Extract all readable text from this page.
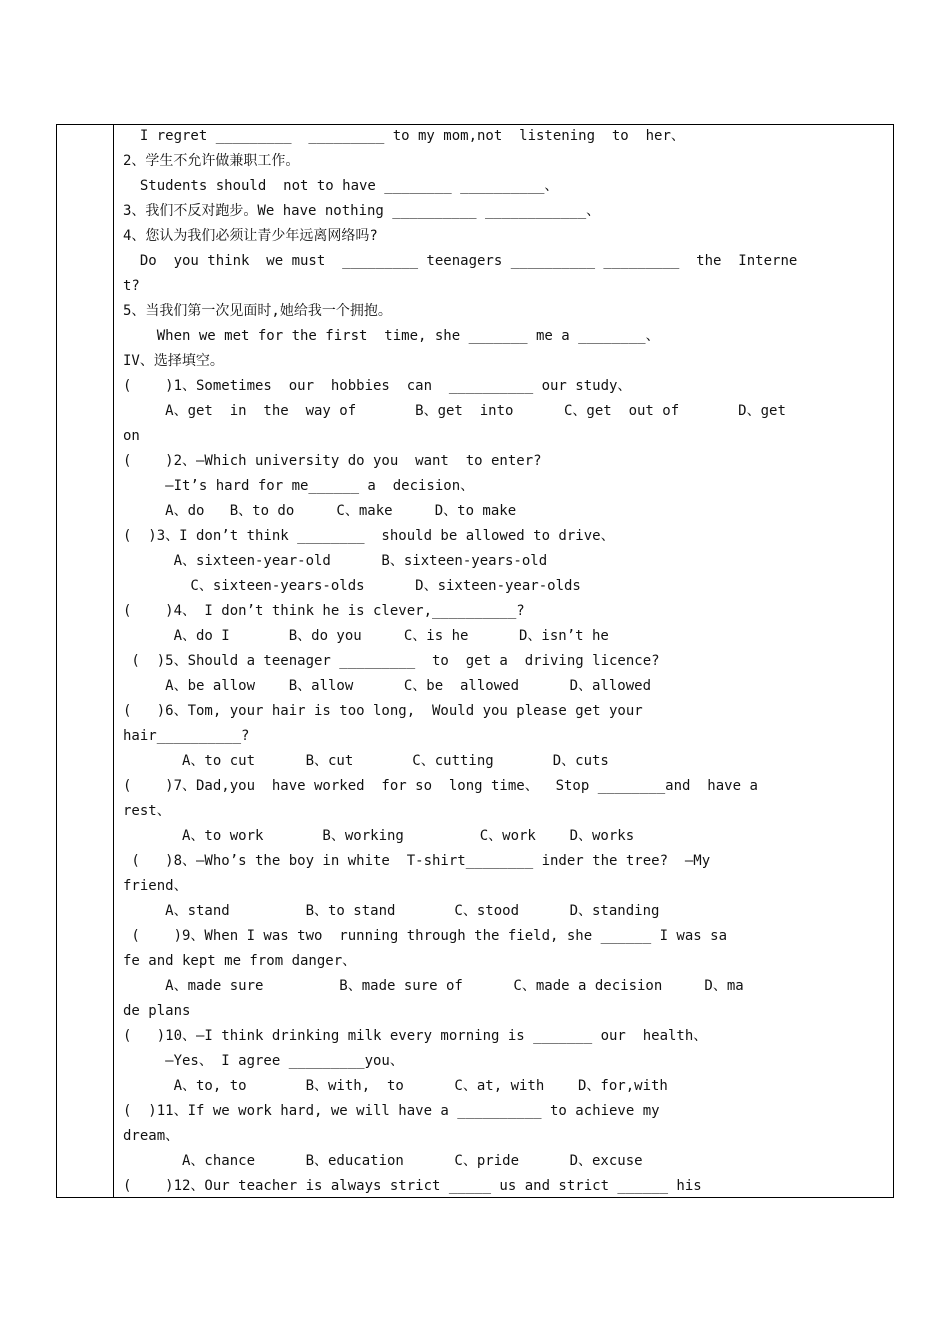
I regret _________  _________ to my mom,not  listening  to  her、
2、学生不允许做兼职工作。
Students should  not to have ________ __________、
3、我们不反对跑步。We have nothing __________ ____________、
4、您认为我们必须让青少年远离网络吗?
Do  you think  we must  _________ teenagers __________ _________  the  Interne
t?
5、当我们第一次见面时,她给我一个拥抱。
When we met for the first  time, she _______ me a ________、
IV、选择填空。
(    )1、Sometimes  our  hobbies  can  __________ our study、
A、get  in  the  way of       B、get  into      C、get  out of       D、get
on
(    )2、—Which university do you  want  to enter?
—It’s hard for me______ a  decision、
A、do   B、to do     C、make     D、to make
(  )3、I don’t think ________  should be allowed to drive、
A、sixteen-year-old      B、sixteen-years-old
C、sixteen-years-olds      D、sixteen-year-olds
(    )4、 I don’t think he is clever,__________?
A、do I       B、do you     C、is he      D、isn’t he
(  )5、Should a teenager _________  to  get a  driving licence?
A、be allow    B、allow      C、be  allowed      D、allowed
(   )6、Tom, your hair is too long,  Would you please get your
hair__________?
A、to cut      B、cut       C、cutting       D、cuts
(    )7、Dad,you  have worked  for so  long time、  Stop ________and  have a
rest、
A、to work       B、working         C、work    D、works
(   )8、—Who’s the boy in white  T-shirt________ inder the tree?  —My
friend、
A、stand         B、to stand       C、stood      D、standing
(    )9、When I was two  running through the field, she ______ I was sa
fe and kept me from danger、
A、made sure         B、made sure of      C、made a decision     D、ma
de plans
(   )10、—I think drinking milk every morning is _______ our  health、
—Yes、 I agree _________you、
A、to, to       B、with,  to      C、at, with    D、for,with
(  )11、If we work hard, we will have a __________ to achieve my
dream、
A、chance      B、education      C、pride      D、excuse
(    )12、Our teacher is always strict _____ us and strict ______ his
